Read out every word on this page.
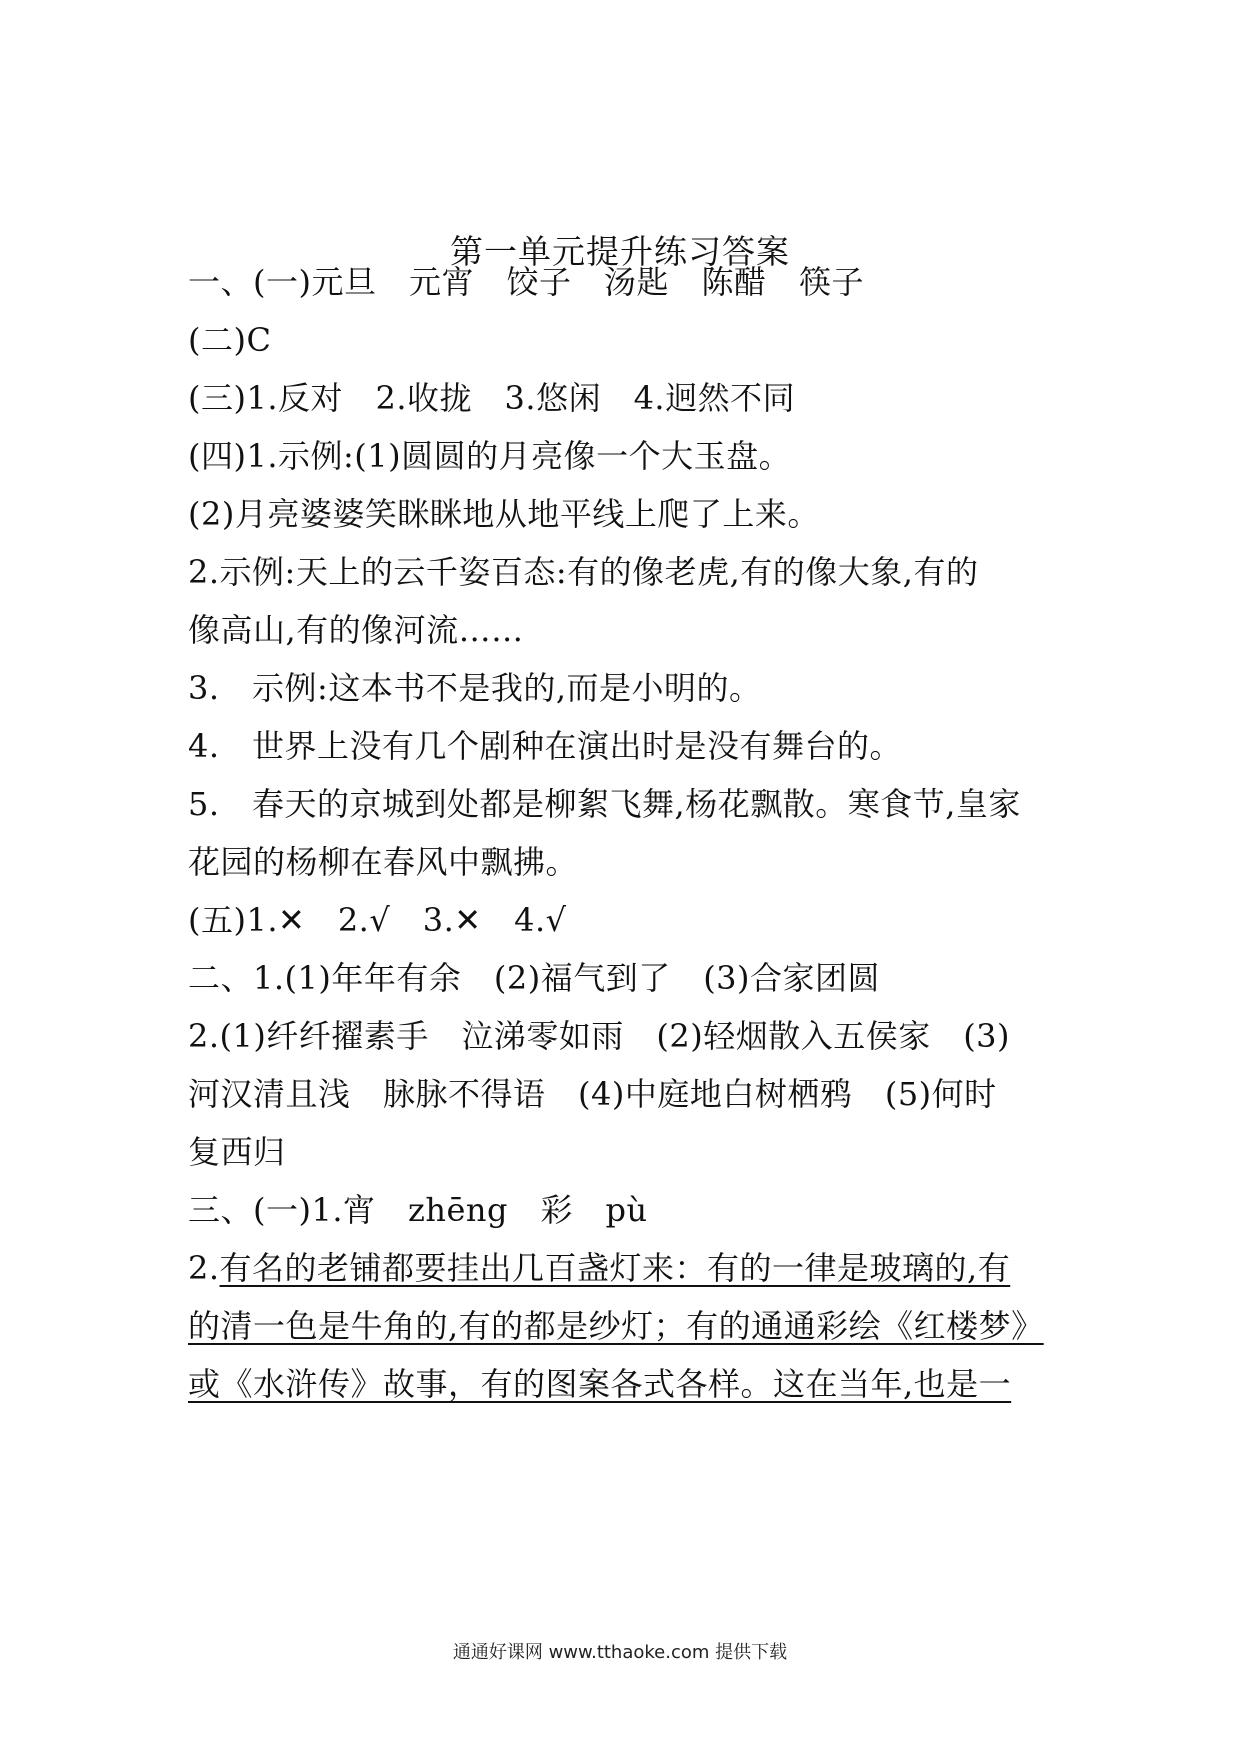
第一单元提升练习答案
一、(一)元旦　元宵　饺子　汤匙　陈醋　筷子
(二)C
(三)1.反对　2.收拢　3.悠闲　4.迥然不同
(四)1.示例:(1)圆圆的月亮像一个大玉盘。
(2)月亮婆婆笑眯眯地从地平线上爬了上来。
2.示例:天上的云千姿百态:有的像老虎,有的像大象,有的
像高山,有的像河流……
3.　示例:这本书不是我的,而是小明的。
4.　世界上没有几个剧种在演出时是没有舞台的。
5.　春天的京城到处都是柳絮飞舞,杨花飘散。寒食节,皇家
花园的杨柳在春风中飘拂。
(五)1.✕　2.√　3.✕　4.√
二、1.(1)年年有余　(2)福气到了　(3)合家团圆
2.(1)纤纤擢素手　泣涕零如雨　(2)轻烟散入五侯家　(3)
河汉清且浅　脉脉不得语　(4)中庭地白树栖鸦　(5)何时
复西归
三、(一)1.宵　zhēng　彩　pù
2.有名的老铺都要挂出几百盏灯来：有的一律是玻璃的,有
的清一色是牛角的,有的都是纱灯；有的通通彩绘《红楼梦》
或《水浒传》故事，有的图案各式各样。这在当年,也是一
通通好课网 www.tthaoke.com 提供下载
